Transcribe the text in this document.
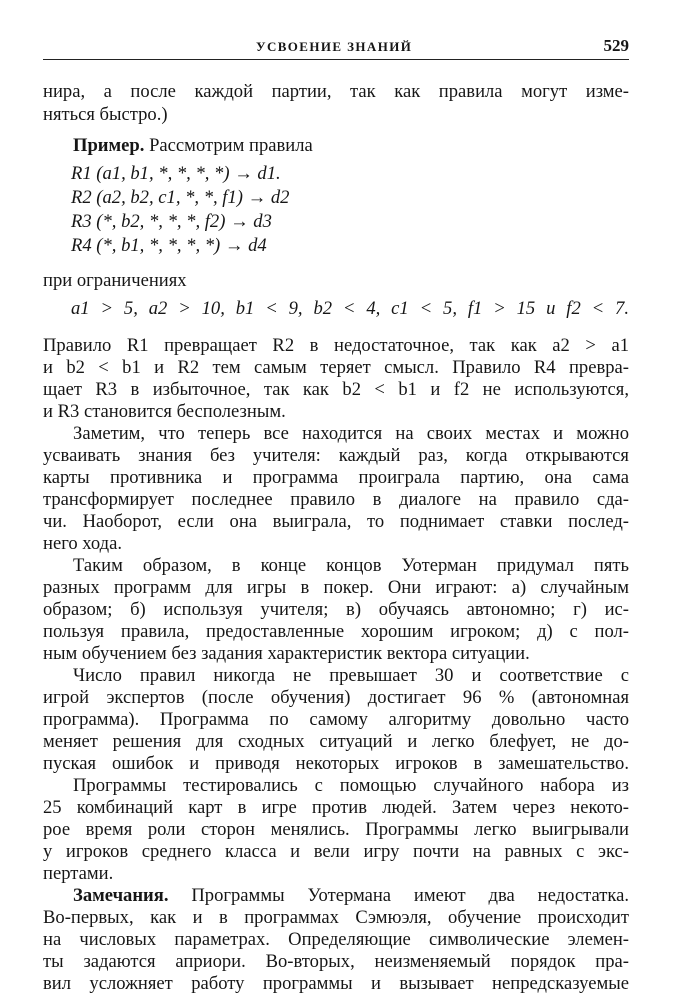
УСВОЕНИЕ ЗНАНИЙ	529
нира, а после каждой партии, так как правила могут изме-
няться быстро.)
Пример. Рассмотрим правила
R1 (a1, b1, *, *, *, *) → d1.
R2 (a2, b2, c1, *, *, f1) → d2
R3 (*, b2, *, *, *, f2) → d3
R4 (*, b1, *, *, *, *) → d4
при ограничениях
a1 > 5, a2 > 10, b1 < 9, b2 < 4, c1 < 5, f1 > 15 и f2 < 7.
Правило R1 превращает R2 в недостаточное, так как a2 > a1
и b2 < b1 и R2 тем самым теряет смысл. Правило R4 превра-
щает R3 в избыточное, так как b2 < b1 и f2 не используются,
и R3 становится бесполезным.
Заметим, что теперь все находится на своих местах и можно
усваивать знания без учителя: каждый раз, когда открываются
карты противника и программа проиграла партию, она сама
трансформирует последнее правило в диалоге на правило сда-
чи. Наоборот, если она выиграла, то поднимает ставки послед-
него хода.
Таким образом, в конце концов Уотерман придумал пять
разных программ для игры в покер. Они играют: а) случайным
образом; б) используя учителя; в) обучаясь автономно; г) ис-
пользуя правила, предоставленные хорошим игроком; д) с пол-
ным обучением без задания характеристик вектора ситуации.
Число правил никогда не превышает 30 и соответствие с
игрой экспертов (после обучения) достигает 96 % (автономная
программа). Программа по самому алгоритму довольно часто
меняет решения для сходных ситуаций и легко блефует, не до-
пуская ошибок и приводя некоторых игроков в замешательство.
Программы тестировались с помощью случайного набора из
25 комбинаций карт в игре против людей. Затем через некото-
рое время роли сторон менялись. Программы легко выигрывали
у игроков среднего класса и вели игру почти на равных с экс-
пертами.
Замечания. Программы Уотермана имеют два недостатка.
Во-первых, как и в программах Сэмюэля, обучение происходит
на числовых параметрах. Определяющие символические элемен-
ты задаются априори. Во-вторых, неизменяемый порядок пра-
вил усложняет работу программы и вызывает непредсказуемые
